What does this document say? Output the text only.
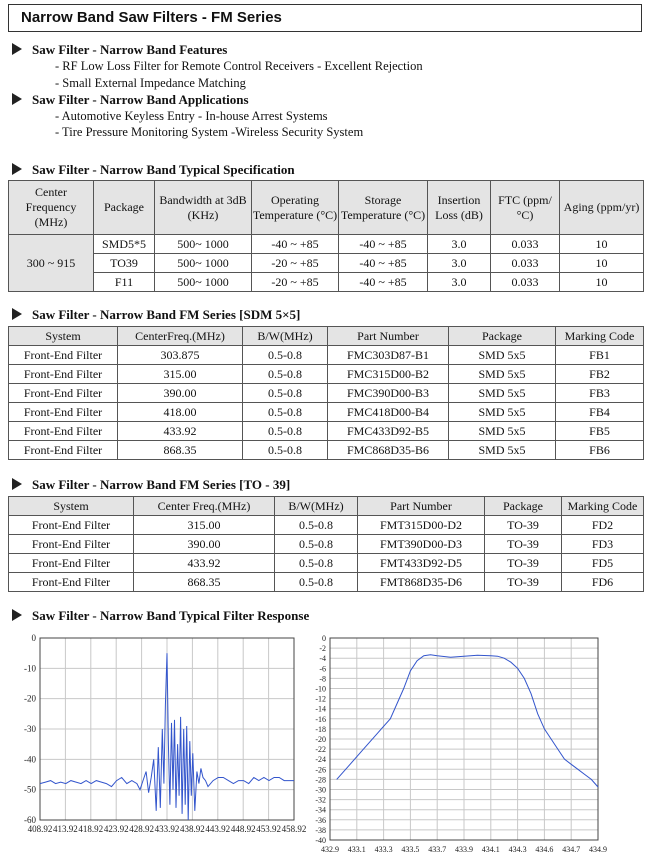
Narrow Band Saw Filters - FM Series
Saw Filter - Narrow Band Features
- RF Low Loss Filter for Remote Control Receivers - Excellent Rejection
- Small External Impedance Matching
Saw Filter - Narrow Band Applications
- Automotive Keyless Entry - In-house Arrest Systems
- Tire Pressure Monitoring System -Wireless Security System
Saw Filter - Narrow Band Typical Specification
Center Frequency (MHz)	Package	Bandwidth at 3dB (KHz)	Operating Temperature (°C)	Storage Temperature (°C)	Insertion Loss (dB)	FTC (ppm/°C)	Aging (ppm/yr)
300 ~ 915	SMD5*5	500~ 1000	-40 ~ +85	-40 ~ +85	3.0	0.033	10
	TO39	500~ 1000	-20 ~ +85	-40 ~ +85	3.0	0.033	10
	F11	500~ 1000	-20 ~ +85	-40 ~ +85	3.0	0.033	10
Saw Filter - Narrow Band FM Series [SDM 5×5]
System	CenterFreq.(MHz)	B/W(MHz)	Part Number	Package	Marking Code
Front-End Filter	303.875	0.5-0.8	FMC303D87-B1	SMD 5x5	FB1
Front-End Filter	315.00	0.5-0.8	FMC315D00-B2	SMD 5x5	FB2
Front-End Filter	390.00	0.5-0.8	FMC390D00-B3	SMD 5x5	FB3
Front-End Filter	418.00	0.5-0.8	FMC418D00-B4	SMD 5x5	FB4
Front-End Filter	433.92	0.5-0.8	FMC433D92-B5	SMD 5x5	FB5
Front-End Filter	868.35	0.5-0.8	FMC868D35-B6	SMD 5x5	FB6
Saw Filter - Narrow Band FM Series [TO - 39]
System	Center Freq.(MHz)	B/W(MHz)	Part Number	Package	Marking Code
Front-End Filter	315.00	0.5-0.8	FMT315D00-D2	TO-39	FD2
Front-End Filter	390.00	0.5-0.8	FMT390D00-D3	TO-39	FD3
Front-End Filter	433.92	0.5-0.8	FMT433D92-D5	TO-39	FD5
Front-End Filter	868.35	0.5-0.8	FMT868D35-D6	TO-39	FD6
Saw Filter - Narrow Band Typical Filter Response
408.92 413.92 418.92 423.92 428.92 433.92 438.92 443.92 448.92 453.92 458.92
0
-10
-20
-30
-40
-50
-60
432.9 433.1 433.3 433.5 433.7 433.9 434.1 434.3 434.6 434.7 434.9
0
-2
-4
-6
-8
-10
-12
-14
-16
-18
-20
-22
-24
-26
-28
-30
-32
-34
-36
-38
-40
